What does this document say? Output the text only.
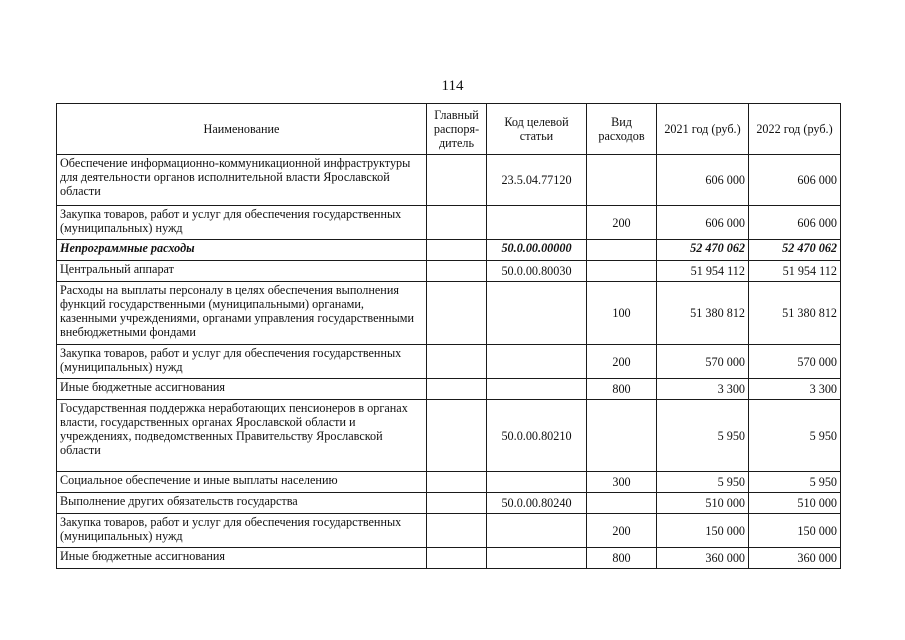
114
Наименование	Главный распоря-дитель	Код целевой статьи	Вид расходов	2021 год (руб.)	2022 год (руб.)
Обеспечение информационно-коммуникационной инфраструктуры для деятельности органов исполнительной власти Ярославской области		23.5.04.77120		606 000	606 000
Закупка товаров, работ и услуг для обеспечения государственных (муниципальных) нужд			200	606 000	606 000
Непрограммные расходы		50.0.00.00000		52 470 062	52 470 062
Центральный аппарат		50.0.00.80030		51 954 112	51 954 112
Расходы на выплаты персоналу в целях обеспечения выполнения функций государственными (муниципальными) органами, казенными учреждениями, органами управления государственными внебюджетными фондами			100	51 380 812	51 380 812
Закупка товаров, работ и услуг для обеспечения государственных (муниципальных) нужд			200	570 000	570 000
Иные бюджетные ассигнования			800	3 300	3 300
Государственная поддержка неработающих пенсионеров в органах власти, государственных органах Ярославской области и учреждениях, подведомственных Правительству Ярославской области		50.0.00.80210		5 950	5 950
Социальное обеспечение и иные выплаты населению			300	5 950	5 950
Выполнение других обязательств государства		50.0.00.80240		510 000	510 000
Закупка товаров, работ и услуг для обеспечения государственных (муниципальных) нужд			200	150 000	150 000
Иные бюджетные ассигнования			800	360 000	360 000
